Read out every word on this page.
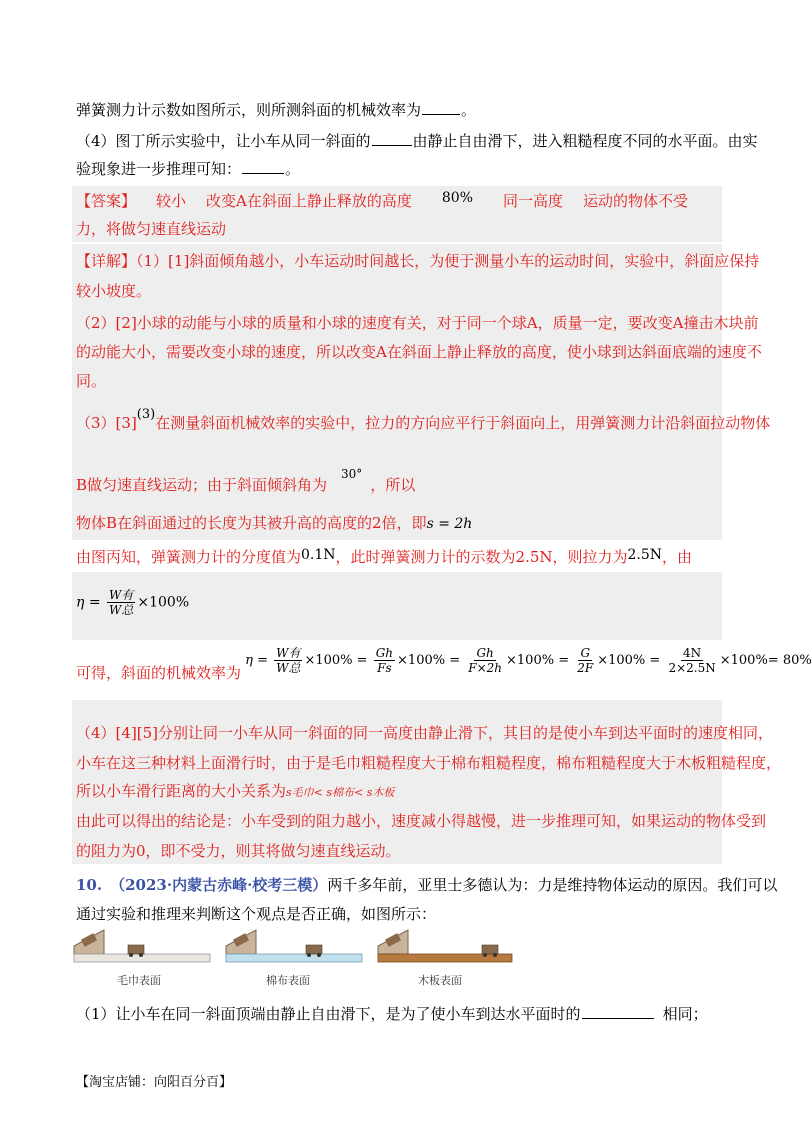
弹簧测力计示数如图所示，则所测斜面的机械效率为	。
（4）图丁所示实验中，让小车从同一斜面的	由静止自由滑下，进入粗糙程度不同的水平面。由实
验现象进一步推理可知：	。
【答案】 较小 改变A在斜面上静止释放的高度 80% 同一高度 运动的物体不受
力，将做匀速直线运动
【详解】（1）[1]斜面倾角越小，小车运动时间越长，为便于测量小车的运动时间，实验中，斜面应保持
较小坡度。
（2）[2]小球的动能与小球的质量和小球的速度有关，对于同一个球A，质量一定，要改变A撞击木块前
的动能大小，需要改变小球的速度，所以改变A在斜面上静止释放的高度，使小球到达斜面底端的速度不
同。
（3）[3](3)在测量斜面机械效率的实验中，拉力的方向应平行于斜面向上，用弹簧测力计沿斜面拉动物体
B做匀速直线运动；由于斜面倾斜角为$^{30^\circ}$，所以
物体B在斜面通过的长度为其被升高的高度的2倍，即s = 2h
由图丙知，弹簧测力计的分度值为0.1N，此时弹簧测力计的示数为2.5N，则拉力为2.5N，由
$\eta = \frac{\text{W有}}{\text{W总}} \times 100\%$
可得，斜面的机械效率为 $\eta = \frac{\text{W有}}{\text{W总}} \times 100\% = \frac{Gh}{Fs} \times 100\% = \frac{Gh}{F\times 2h} \times 100\% = \frac{G}{2F} \times 100\% = \frac{4N}{2\times 2.5N} \times 100\%= 80\%$
（4）[4][5]分别让同一小车从同一斜面的同一高度由静止滑下，其目的是使小车到达平面时的速度相同，
小车在这三种材料上面滑行时，由于是毛巾粗糙程度大于棉布粗糙程度，棉布粗糙程度大于木板粗糙程度，
所以小车滑行距离的大小关系为s毛巾< s棉布< s木板
由此可以得出的结论是：小车受到的阻力越小，速度减小得越慢，进一步推理可知，如果运动的物体受到
的阻力为0，即不受力，则其将做匀速直线运动。
10. （2023·内蒙古赤峰·校考三模）两千多年前，亚里士多德认为：力是维持物体运动的原因。我们可以
通过实验和推理来判断这个观点是否正确，如图所示：
毛巾表面	棉布表面	木板表面
（1）让小车在同一斜面顶端由静止自由滑下，是为了使小车到达水平面时的	相同；
【淘宝店铺：向阳百分百】
